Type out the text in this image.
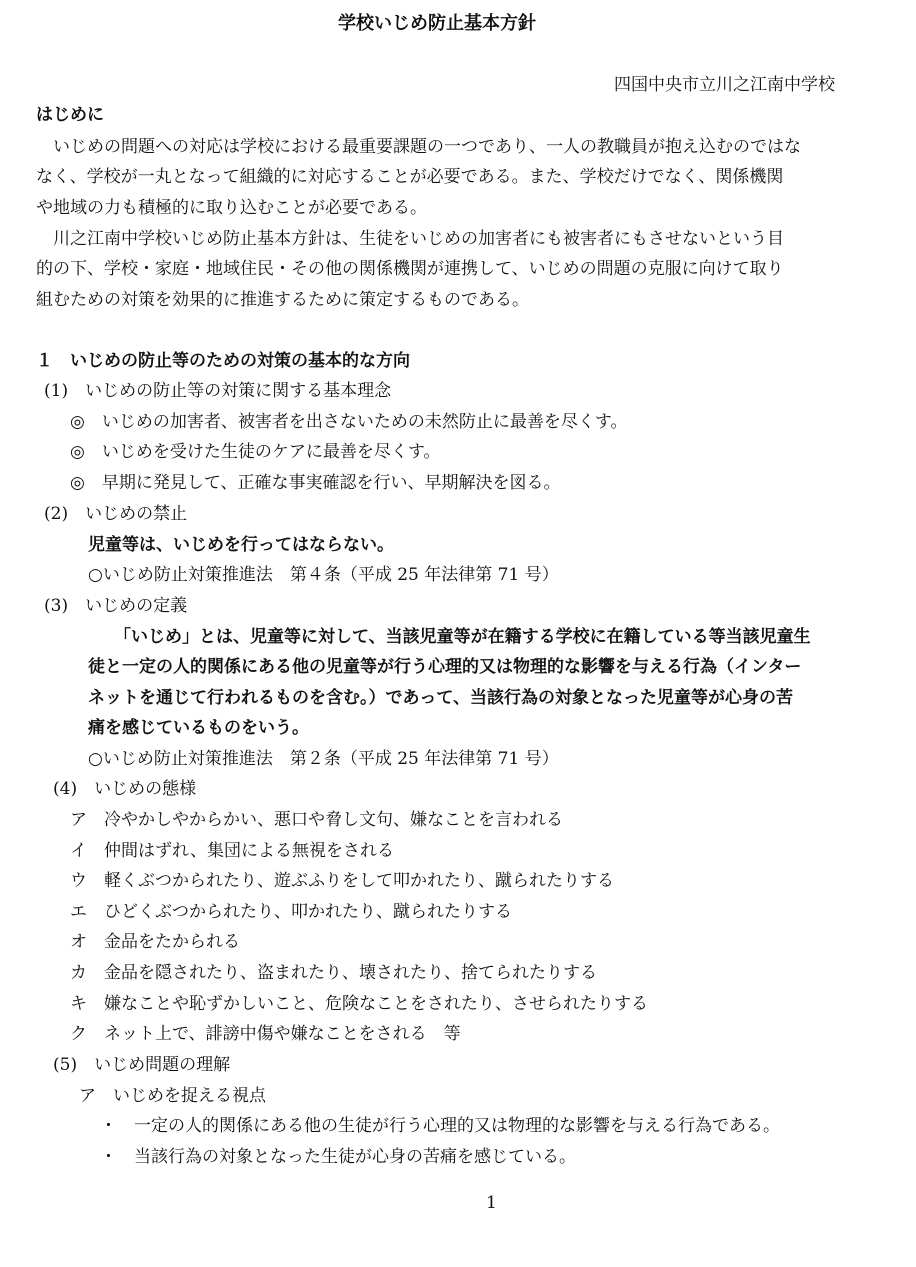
学校いじめ防止基本方針
四国中央市立川之江南中学校
はじめに
いじめの問題への対応は学校における最重要課題の一つであり、一人の教職員が抱え込むのではな
なく、学校が一丸となって組織的に対応することが必要である。また、学校だけでなく、関係機関
や地域の力も積極的に取り込むことが必要である。
川之江南中学校いじめ防止基本方針は、生徒をいじめの加害者にも被害者にもさせないという目
的の下、学校・家庭・地域住民・その他の関係機関が連携して、いじめの問題の克服に向けて取り
組むための対策を効果的に推進するために策定するものである。
１　いじめの防止等のための対策の基本的な方向
(1)　いじめの防止等の対策に関する基本理念
◎　いじめの加害者、被害者を出さないための未然防止に最善を尽くす。
◎　いじめを受けた生徒のケアに最善を尽くす。
◎　早期に発見して、正確な事実確認を行い、早期解決を図る。
(2)　いじめの禁止
児童等は、いじめを行ってはならない。
○いじめ防止対策推進法　第４条（平成 25 年法律第 71 号）
(3)　いじめの定義
「いじめ」とは、児童等に対して、当該児童等が在籍する学校に在籍している等当該児童生
徒と一定の人的関係にある他の児童等が行う心理的又は物理的な影響を与える行為（インター
ネットを通じて行われるものを含む。）であって、当該行為の対象となった児童等が心身の苦
痛を感じているものをいう。
○いじめ防止対策推進法　第２条（平成 25 年法律第 71 号）
(4)　いじめの態様
ア　冷やかしやからかい、悪口や脅し文句、嫌なことを言われる
イ　仲間はずれ、集団による無視をされる
ウ　軽くぶつかられたり、遊ぶふりをして叩かれたり、蹴られたりする
エ　ひどくぶつかられたり、叩かれたり、蹴られたりする
オ　金品をたかられる
カ　金品を隠されたり、盗まれたり、壊されたり、捨てられたりする
キ　嫌なことや恥ずかしいこと、危険なことをされたり、させられたりする
ク　ネット上で、誹謗中傷や嫌なことをされる　等
(5)　いじめ問題の理解
ア　いじめを捉える視点
・　一定の人的関係にある他の生徒が行う心理的又は物理的な影響を与える行為である。
・　当該行為の対象となった生徒が心身の苦痛を感じている。
1
